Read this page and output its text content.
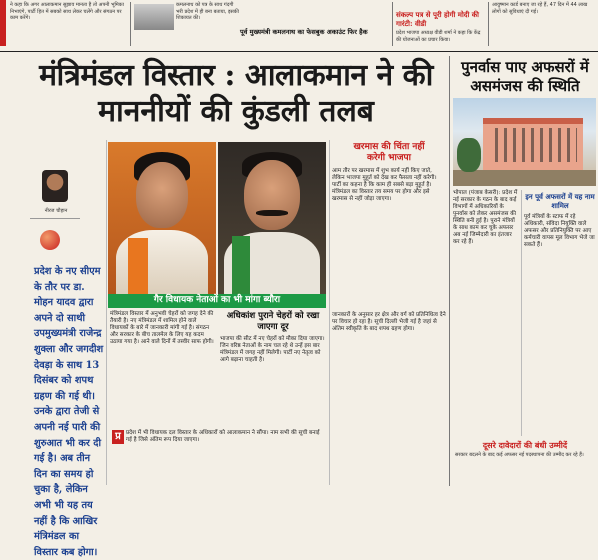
ने कहा कि अगर आलाकमान सुझाव मानता है तो अपनी भूमिका निभाएंगे, पार्टी हित में सबको साथ लेकर चलेंगे और संगठन पर काम करेंगे।
कमलनाथ को पत्र के साथ गंदगी भरी प्रदेश में ही बना बताया, इसकी शिकायत की।
पूर्व मुख्यमंत्री कमलनाथ का फेसबुक अकाउंट फिर हैक
संकल्प पत्र से पूरी होगी मोदी की गारंटी: वीडी
प्रदेश भाजपा अध्यक्ष वीडी शर्मा ने कहा कि केंद्र की योजनाओं का प्रचार किया।
आयुष्मान कार्ड बनाए जा रहे हैं, 47 दिन में 44 लाख लोगों को सुविधाएं दी गई।
मंत्रिमंडल विस्तार : आलाकमान ने की
माननीयों की कुंडली तलब
पुनर्वास पाए अफसरों में
असमंजस की स्थिति
नीरज चौहान
प्रदेश के नए सीएम के तौर पर डा. मोहन यादव द्वारा अपने दो साथी उपमुख्यमंत्री राजेन्द्र शुक्ला और जगदीश देवड़ा के साथ 13 दिसंबर को शपथ ग्रहण की गई थी। उनके द्वारा तेजी से अपनी नई पारी की शुरुआत भी कर दी गई है। अब तीन दिन का समय हो चुका है, लेकिन अभी भी यह तय नहीं है कि आखिर मंत्रिमंडल का विस्तार कब होगा।
गैर विधायक नेताओं का भी मांगा ब्यौरा
मंत्रिमंडल विस्तार में अनुभवी चेहरों को जगह देने की तैयारी है। नए मंत्रिमंडल में शामिल होने वाले विधायकों के बारे में जानकारी मांगी गई है। संगठन और सरकार के बीच तालमेल के लिए यह कदम उठाया गया है। आने वाले दिनों में तस्वीर साफ होगी।
अधिकांश पुराने चेहरों को रखा जाएगा दूर
भाजपा की सीट में नए चेहरों को मौका दिया जाएगा। जिन वरिष्ठ नेताओं के नाम चल रहे थे उन्हें इस बार मंत्रिमंडल में जगह नहीं मिलेगी। पार्टी नए नेतृत्व को आगे बढ़ाना चाहती है।
प्र प्रदेश में भी विधायक दल विस्तार के अधिकारों को आलाकमान ने सौंपा। नाम सभी की सूची बनाई गई है जिसे अंतिम रूप दिया जाएगा।
खरमास की चिंता नहीं
करेगी भाजपा
आम तौर पर खरमास में शुभ कार्य नहीं किए जाते, लेकिन भाजपा मुहूर्त को देख कर फैसला नहीं करेगी। पार्टी का कहना है कि काम ही सबसे बड़ा मुहूर्त है। मंत्रिमंडल का विस्तार तय समय पर होगा और इसे खरमास से नहीं जोड़ा जाएगा।
जानकारों के अनुसार हर क्षेत्र और वर्ग को प्रतिनिधित्व देने पर विचार हो रहा है। सूची दिल्ली भेजी गई है जहां से अंतिम स्वीकृति के बाद शपथ ग्रहण होगा।
भोपाल (पंजाब केसरी): प्रदेश में नई सरकार के गठन के बाद कई विभागों में अधिकारियों के पुनर्वास को लेकर असमंजस की स्थिति बनी हुई है। पुराने मंत्रियों के साथ काम कर चुके अफसर अब नई जिम्मेदारी का इंतजार कर रहे हैं।
इन पूर्व अफसरों में यह नाम शामिल
पूर्व मंत्रियों के स्टाफ में रहे अधिकारी, संविदा नियुक्ति वाले अफसर और प्रतिनियुक्ति पर आए कर्मचारी वापस मूल विभाग भेजे जा सकते हैं।
दूसरे दावेदारों की बंधी उम्मीदें
सरकार बदलने के बाद कई अफसर नई पदस्थापना की उम्मीद कर रहे हैं।
